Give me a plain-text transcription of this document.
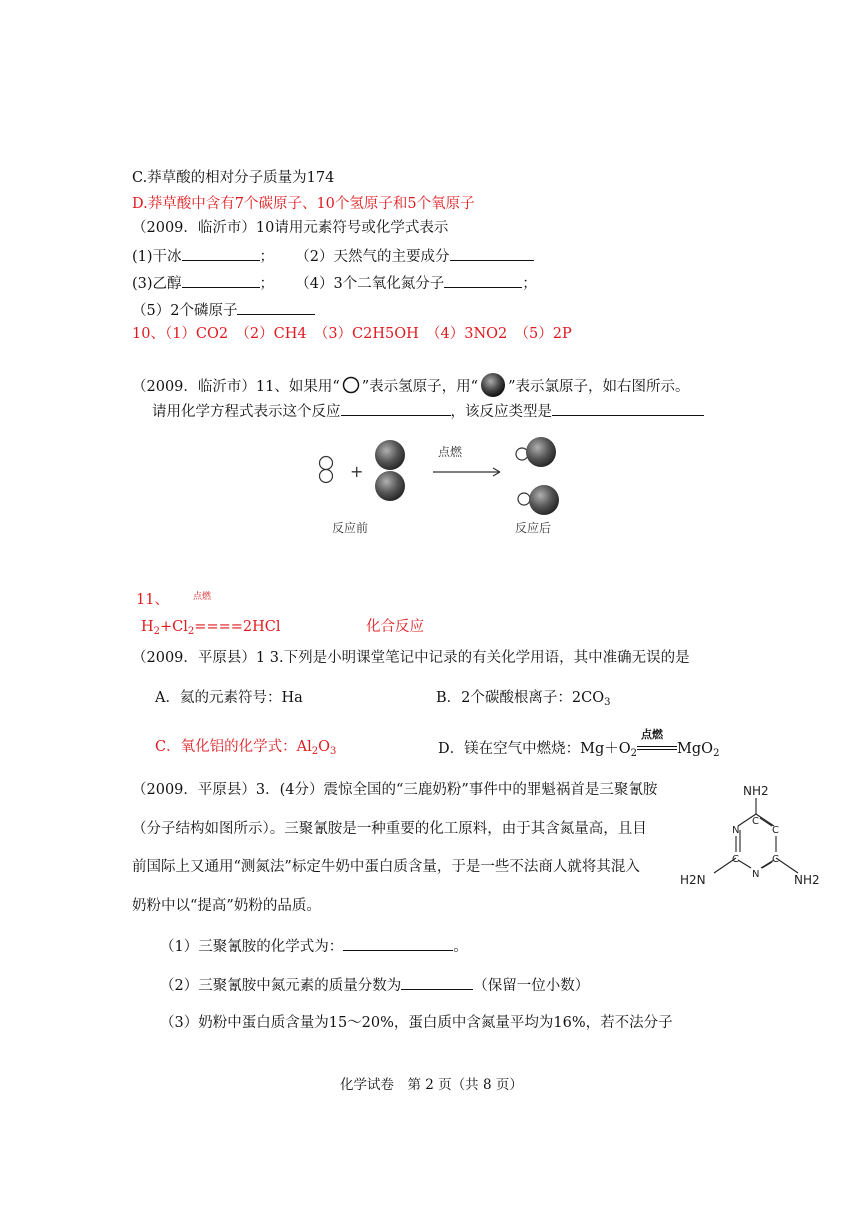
C.莽草酸的相对分子质量为174
D.莽草酸中含有7个碳原子、10个氢原子和5个氧原子
（2009．临沂市）10请用元素符号或化学式表示
(1)干冰	； （2）天然气的主要成分
(3)乙醇	； （4）3个二氧化氮分子	；
（5）2个磷原子
10、（1）CO2　（2）CH4　（3）C2H5OH　（4）3NO2　（5）2P
（2009．临沂市）11、如果用“ ”表示氢原子，用“ ”表示氯原子，如右图所示。
请用化学方程式表示这个反应	，该反应类型是
+
点燃
反应前	反应后
11、	点燃
$H_2+Cl_2====2HCl$	化合反应
（2009．平原县）1 3.下列是小明课堂笔记中记录的有关化学用语，其中准确无误的是
A．氦的元素符号：Ha	B．2个碳酸根离子：$2CO_3$
C．氧化铝的化学式：$Al_2O_3$	D．镁在空气中燃烧：$Mg+O_2$
点燃
MgO$_2$
（2009．平原县）3．(4分）震惊全国的“三鹿奶粉”事件中的罪魁祸首是三聚氰胺
（分子结构如图所示）。三聚氰胺是一种重要的化工原料，由于其含氮量高，且目
前国际上又通用“测氮法”标定牛奶中蛋白质含量，于是一些不法商人就将其混入
奶粉中以“提高”奶粉的品质。
（1）三聚氰胺的化学式为：	。
（2）三聚氰胺中氮元素的质量分数为	（保留一位小数）
（3）奶粉中蛋白质含量为15～20%，蛋白质中含氮量平均为16%，若不法分子
NH2
C
N	C
C	C
N
H2N	NH2
化学试卷　第 2 页（共 8 页）
